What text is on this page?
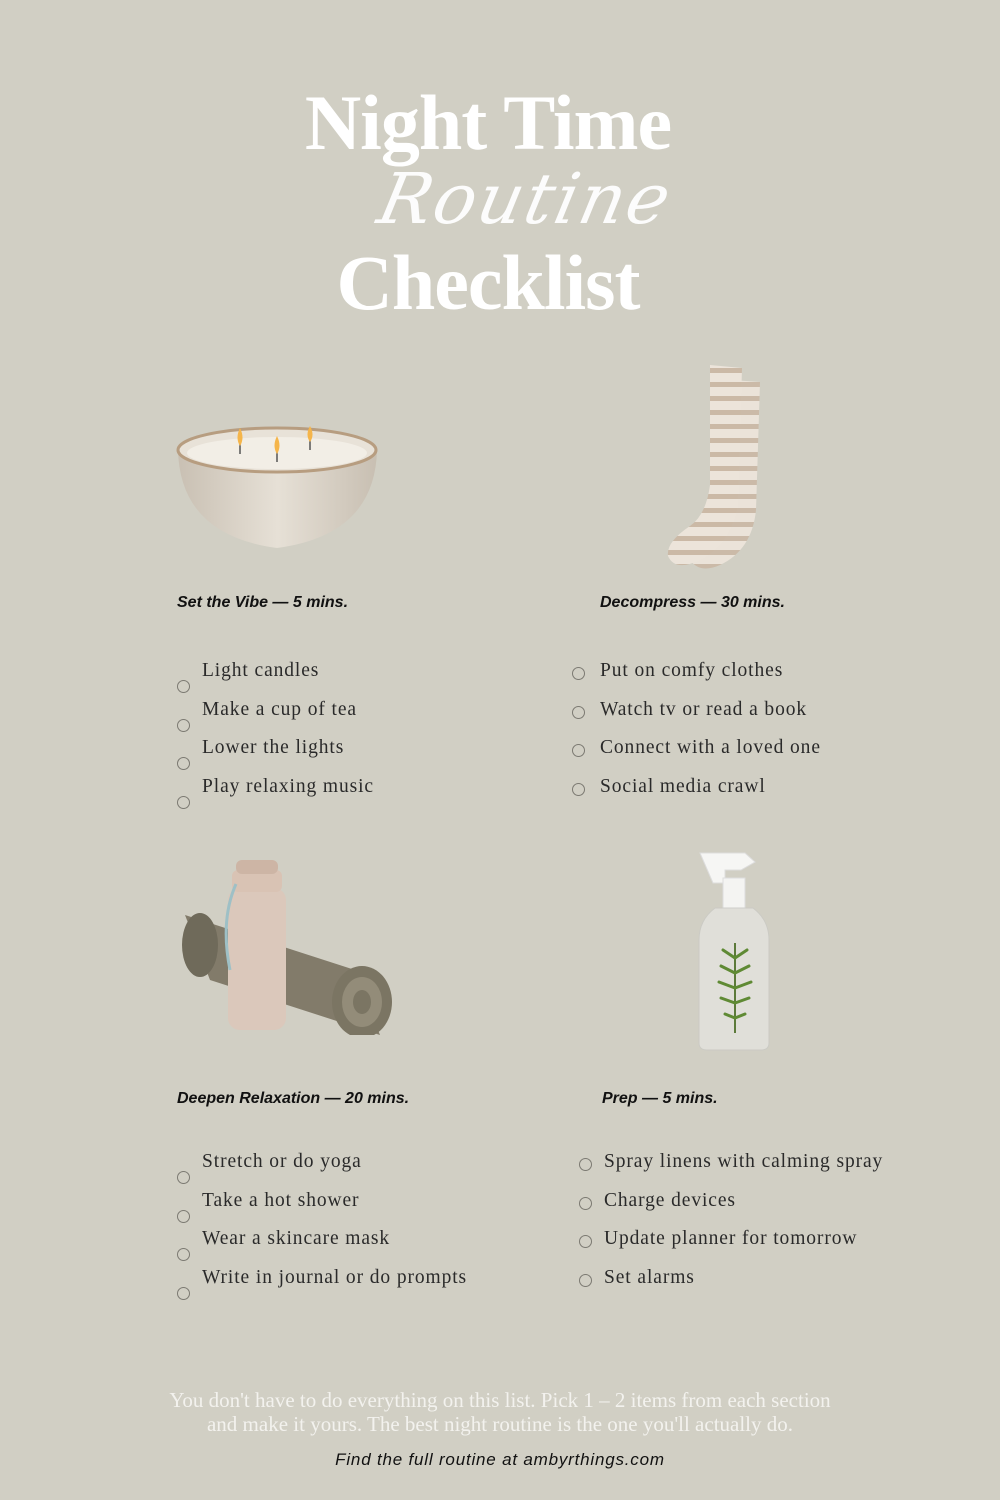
Night Time
Routine
Checklist
Set the Vibe — 5 mins.	Decompress — 30 mins.
Deepen Relaxation — 20 mins.	Prep — 5 mins.
Light candles
Make a cup of tea
Lower the lights
Play relaxing music
Put on comfy clothes
Watch tv or read a book
Connect with a loved one
Social media crawl
Stretch or do yoga
Take a hot shower
Wear a skincare mask
Write in journal or do prompts
Spray linens with calming spray
Charge devices
Update planner for tomorrow
Set alarms
You don't have to do everything on this list. Pick 1 – 2 items from each section
and make it yours. The best night routine is the one you'll actually do.
Find the full routine at ambyrthings.com
